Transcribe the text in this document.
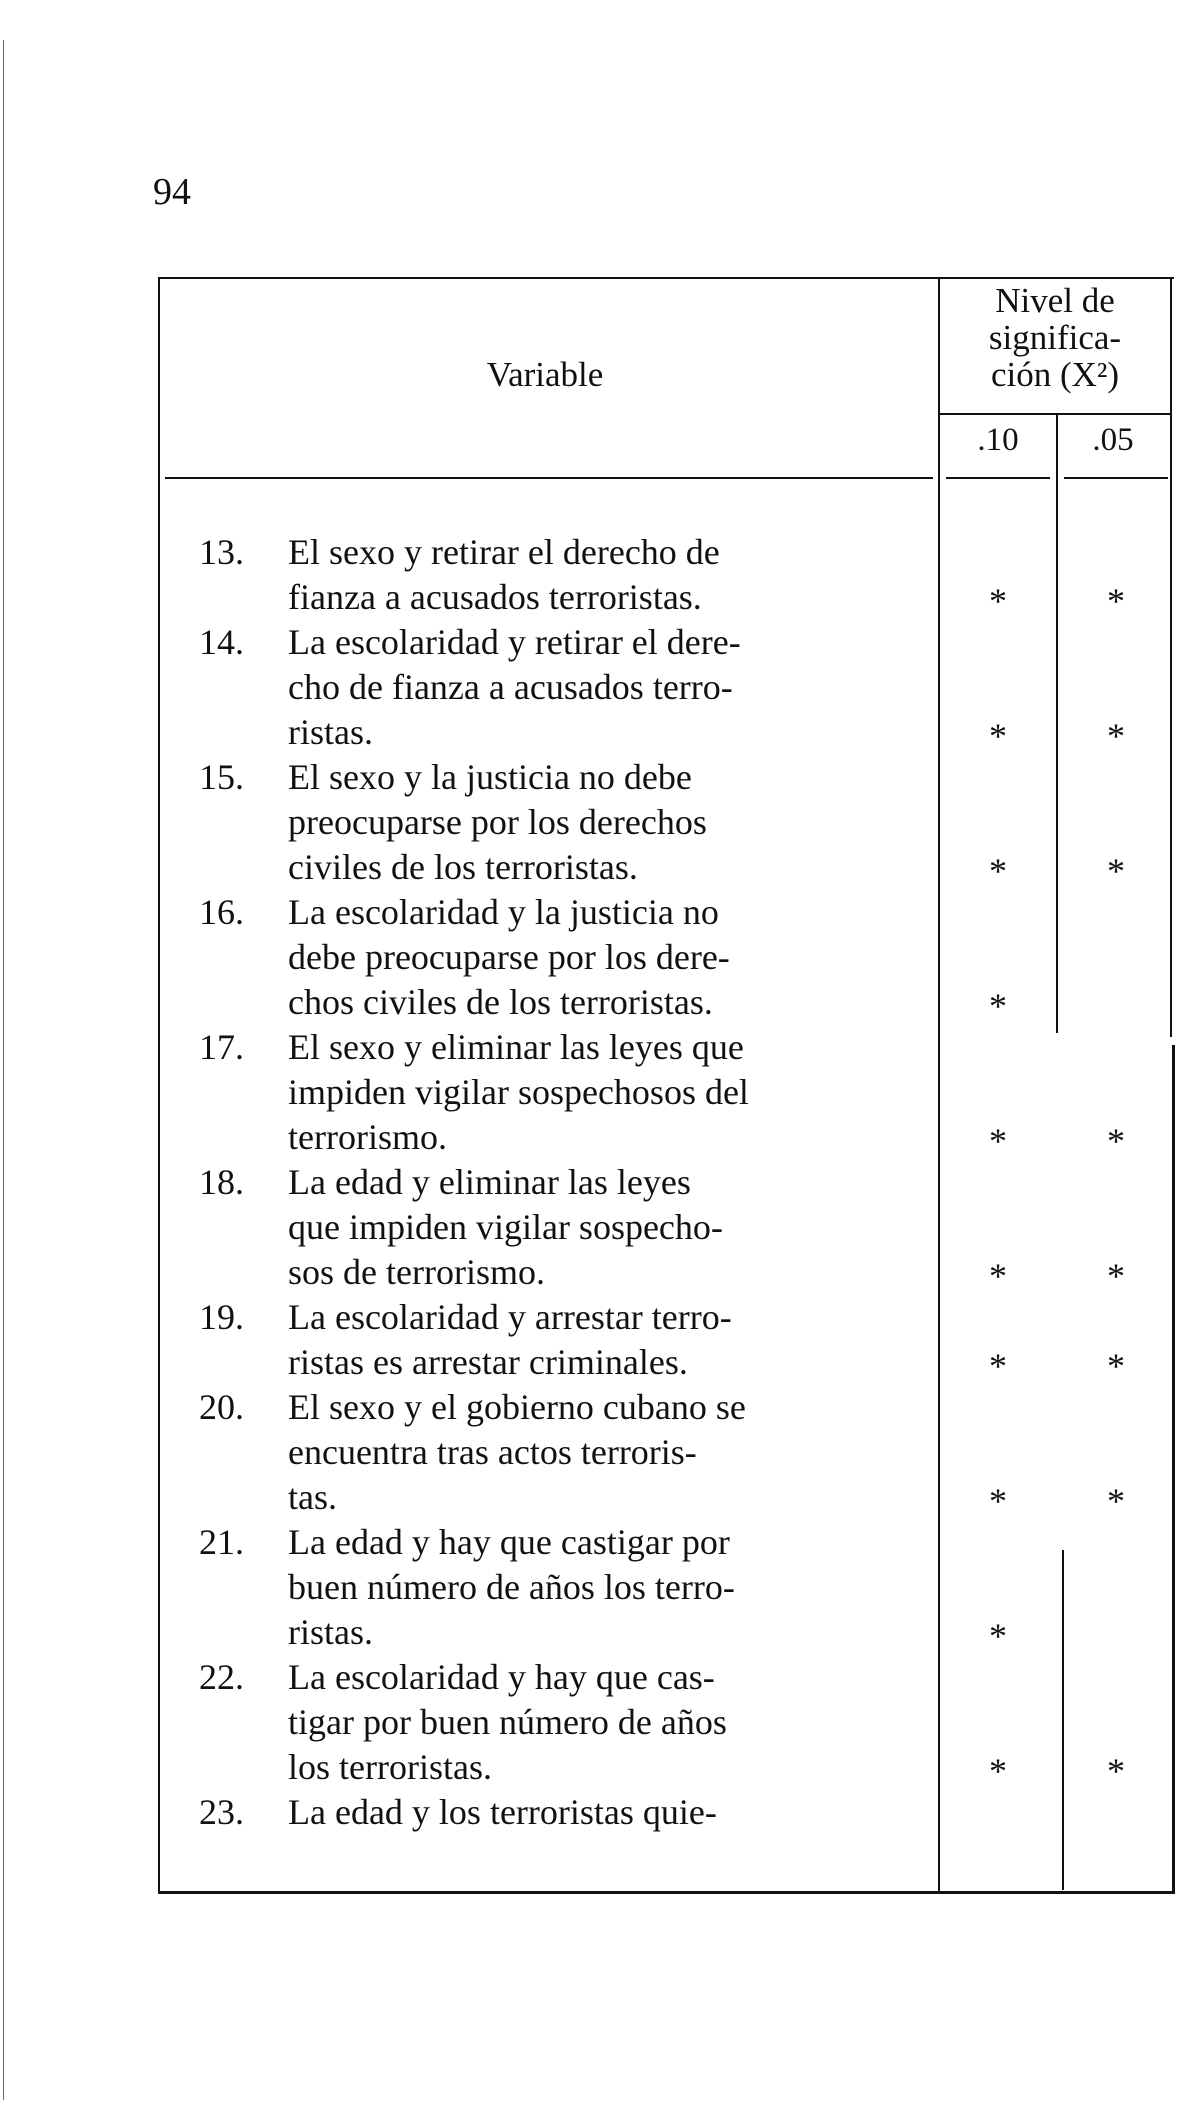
94
Variable
Nivel de
significa-
ción (X²)
.10	.05
13. El sexo y retirar el derecho de
fianza a acusados terroristas.	*	*
14. La escolaridad y retirar el dere-
cho de fianza a acusados terro-
ristas.	*	*
15. El sexo y la justicia no debe
preocuparse por los derechos
civiles de los terroristas.	*	*
16. La escolaridad y la justicia no
debe preocuparse por los dere-
chos civiles de los terroristas.	*
17. El sexo y eliminar las leyes que
impiden vigilar sospechosos del
terrorismo.	*	*
18. La edad y eliminar las leyes
que impiden vigilar sospecho-
sos de terrorismo.	*	*
19. La escolaridad y arrestar terro-
ristas es arrestar criminales.	*	*
20. El sexo y el gobierno cubano se
encuentra tras actos terroris-
tas.	*	*
21. La edad y hay que castigar por
buen número de años los terro-
ristas.	*
22. La escolaridad y hay que cas-
tigar por buen número de años
los terroristas.	*	*
23. La edad y los terroristas quie-
